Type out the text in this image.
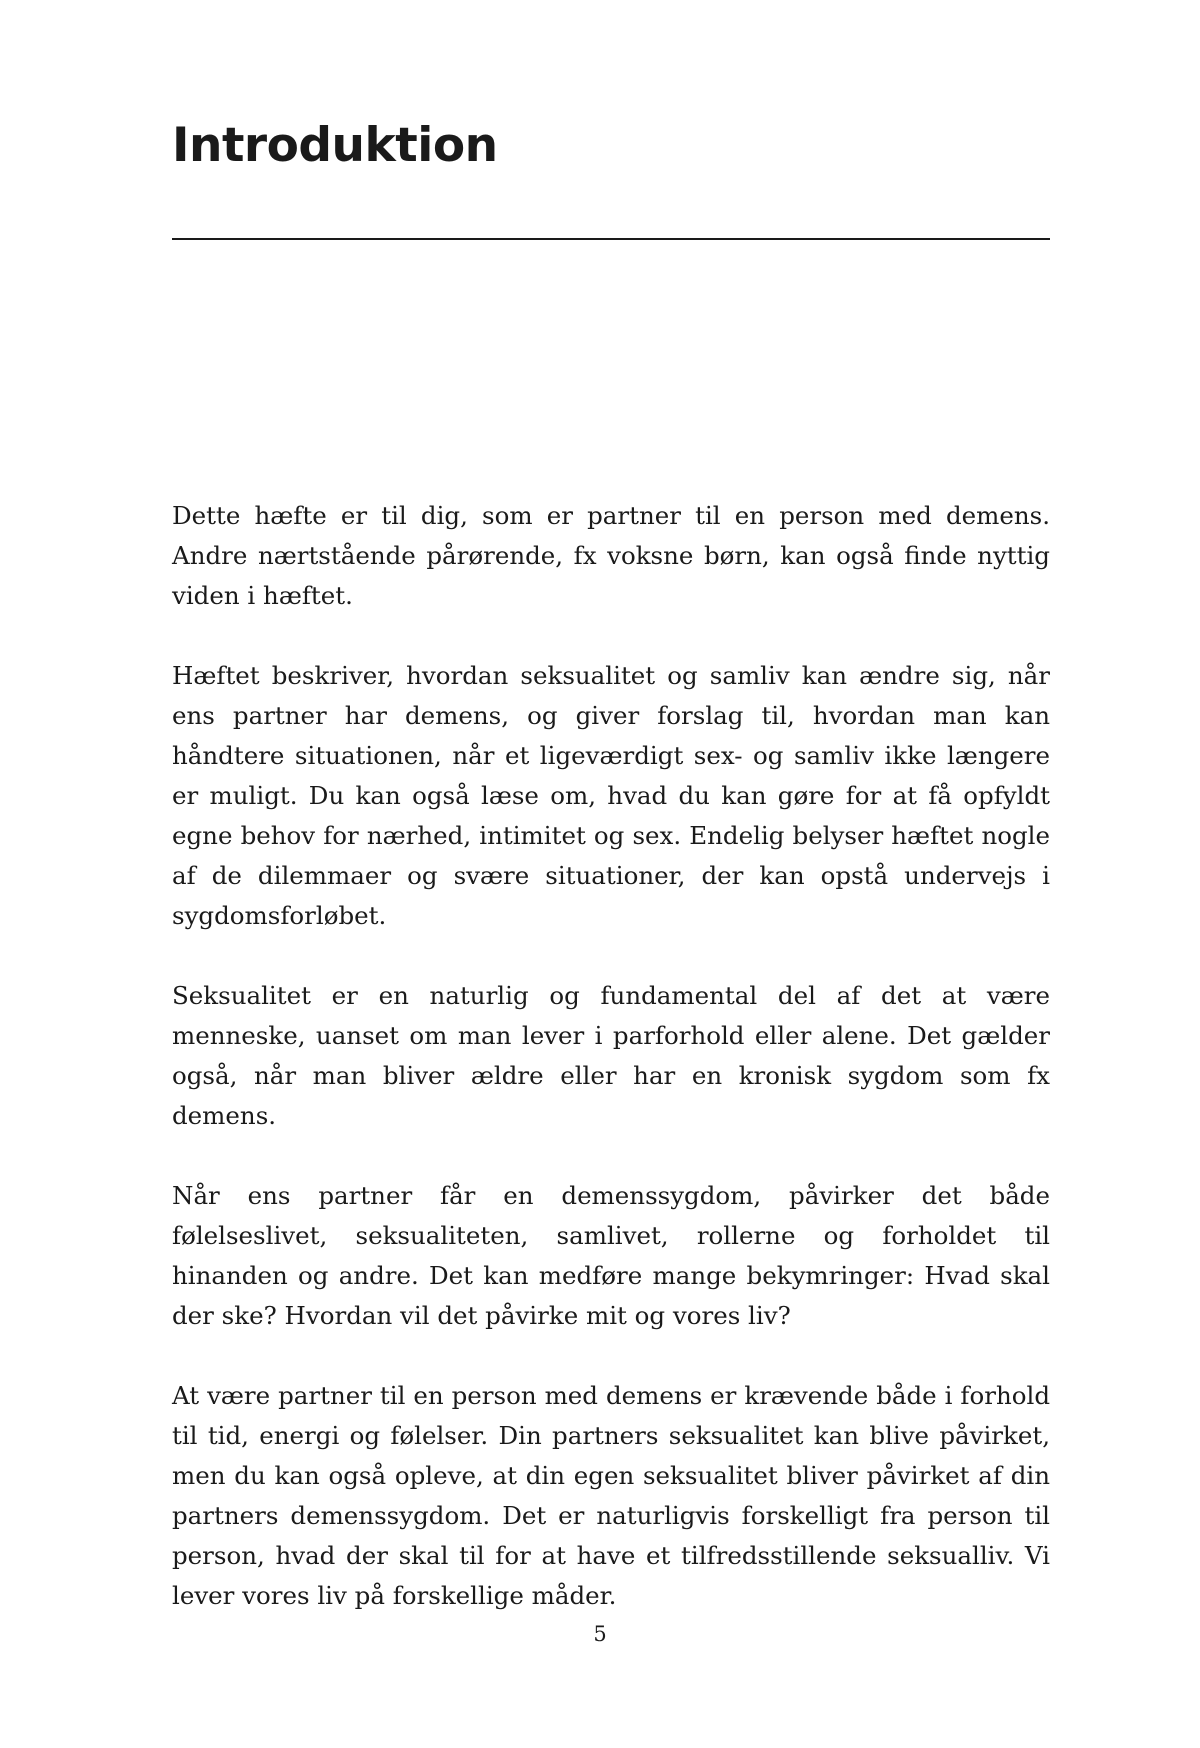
Introduktion

Dette hæfte er til dig, som er partner til en person med demens. Andre nærtstående pårørende, fx voksne børn, kan også finde nyttig viden i hæftet.

Hæftet beskriver, hvordan seksualitet og samliv kan ændre sig, når ens partner har demens, og giver forslag til, hvordan man kan håndtere situationen, når et ligeværdigt sex- og samliv ikke længere er muligt. Du kan også læse om, hvad du kan gøre for at få opfyldt egne behov for nærhed, intimitet og sex. Endelig belyser hæftet nogle af de dilemmaer og svære situationer, der kan opstå undervejs i sygdomsforløbet.

Seksualitet er en naturlig og fundamental del af det at være menneske, uanset om man lever i parforhold eller alene. Det gælder også, når man bliver ældre eller har en kronisk sygdom som fx demens.

Når ens partner får en demenssygdom, påvirker det både følelseslivet, seksualiteten, samlivet, rollerne og forholdet til hinanden og andre. Det kan medføre mange bekymringer: Hvad skal der ske? Hvordan vil det påvirke mit og vores liv?

At være partner til en person med demens er krævende både i forhold til tid, energi og følelser. Din partners seksualitet kan blive påvirket, men du kan også opleve, at din egen seksualitet bliver påvirket af din partners demenssygdom. Det er naturligvis forskelligt fra person til person, hvad der skal til for at have et tilfredsstillende seksualliv. Vi lever vores liv på forskellige måder.

5
